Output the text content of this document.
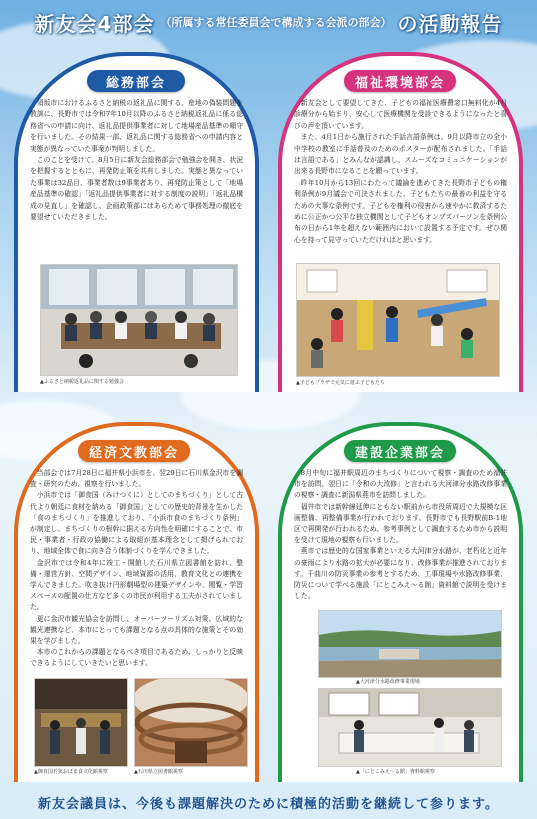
新友会4部会 （所属する常任委員会で構成する会派の部会） の活動報告
総務部会

須坂市におけるふるさと納税の返礼品に関する、産地の偽装問題を教訓に、長野市では令和7年10月以降のふるさと納税返礼品に係る総務省への申請に向け、返礼品提供事業者に対して地場産品基準の順守を行いました。その結果一部、返礼品に関する総務省への申請内容と実態が異なっていた事案が判明しました。

このことを受けて、8月5日に新友会総務部会で勉強会を開き、状況を把握するとともに、再発防止策を共有しました。実態と異なっていた事業は32品目、事業者数は9事業者あり、再発防止策として「地場産品基準の確認」「返礼品提供事業者に対する制度の説明」「返礼品構成の見直し」を確認し、企画政策部にはあらためて事務処理の徹底を要望せていただきました。

▲ふるさと納税返礼品に関する勉強会
福祉環境部会

新友会として要望してきた、子どもの福祉医療費窓口無料化が4月診療分から始まり、安心して医療機関を受診できるようになったと喜びの声を頂いています。

また、4月1日から施行された手話言語条例は、9月以降市立の全小中学校の教室に手話普及のためのポスターが配布されました。「手話は言語である」とみんなが認識し、スムーズなコミュニケーションが出来る長野市になることを願っています。

昨年10月から13回にわたって議論を進めてきた長野市子どもの権利条例が9月議会で可決されました。子どもたちの最善の利益を守るための大事な条例です。子どもを権利の侵害から速やかに救済するために公正かつ公平な独立機関として子どもオンブズパーソンを条例公布の日から1年を超えない範囲内において設置する予定です。ぜひ関心を持って見守っていただければと思います。

▲子どもプラザで元気に遊ぶ子どもたち
経済文教部会

当部会では7月28日に福井県小浜市を、翌29日に石川県金沢市を調査・研究のため、視察を行いました。

小浜市では「御食国（みけつくに）としてのまちづくり」として古代より朝廷に食材を納める「御食国」としての歴史的背景を生かした「食のまちづくり」を推進しており、「小浜市食のまちづくり条例」が制定し、まちづくりの根幹に据える方向性を明確にすることで、市民・事業者・行政の協働による取組が基本理念として掲げられており、地域全体で食に向き合う体制づくりを学んできました。

金沢市では令和4年に竣工・開館した石川県立図書館を訪れ、整備・運営方針、空間デザイン、地域資源の活用、教育文化との連携を学んできました。吹き抜け円形劇場型の建築デザインや、閲覧・学習スペースの配置の仕方など多くの市民が利用する工夫がされていました。

更に金沢市観光協会を訪問し、オーバーツーリズム対策、広域的な観光連携など、本市にとっても課題となる点の具体的な施策とその効果を学びました。

本市のこれからの課題となるべき項目であるため、しっかりと反映できるようにしていきたいと思います。

▲御食国若狭おばま食文化館視察	▲石川県立図書館視察
建設企業部会

8月中旬に福井駅周辺のまちづくりについて視察・調査のため福井市を訪問、翌日に「令和の大改修」と言われる大河津分水路改修事業の視察・調査に新潟県燕市を訪問しました。

福井市では新幹線延伸にともない駅前から市役所周辺で大規模な区画整備、再整備事業が行われております。長野市でも長野駅前B-1地区で再開発が行われるため、参考事例として調査するため市から説明を受けて現地の視察も行いました。

燕市では歴史的な国家事業といえる大河津分水路が、老朽化と近年の豪雨により水路の拡大が必要になり、改修事業が推進されております。千曲川の防災事業の参考とするため、工事現場や水路改修事業、防災について学べる施設「にとこみえ〜る館」資料館で説明を受けました。

▲大河津分水路改修事業現場
▲「にとこみえ〜る館」資料館視察
新友会議員は、今後も課題解決のために積極的活動を継続して参ります。
